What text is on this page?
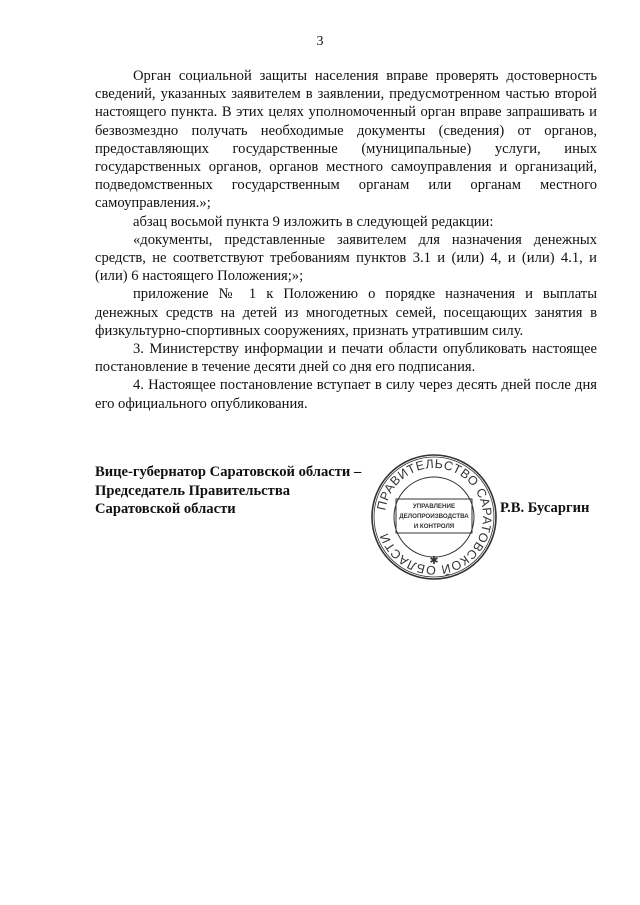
3

Орган социальной защиты населения вправе проверять достоверность сведений, указанных заявителем в заявлении, предусмотренном частью второй настоящего пункта. В этих целях уполномоченный орган вправе запрашивать и безвозмездно получать необходимые документы (сведения) от органов, предоставляющих государственные (муниципальные) услуги, иных государственных органов, органов местного самоуправления и организаций, подведомственных государственным органам или органам местного самоуправления.»;

абзац восьмой пункта 9 изложить в следующей редакции:

«документы, представленные заявителем для назначения денежных средств, не соответствуют требованиям пунктов 3.1 и (или) 4, и (или) 4.1, и (или) 6 настоящего Положения;»;

приложение № 1 к Положению о порядке назначения и выплаты денежных средств на детей из многодетных семей, посещающих занятия в физкультурно-спортивных сооружениях, признать утратившим силу.

3. Министерству информации и печати области опубликовать настоящее постановление в течение десяти дней со дня его подписания.

4. Настоящее постановление вступает в силу через десять дней после дня его официального опубликования.

Вице-губернатор Саратовской области –
Председатель Правительства
Саратовской области	ПРАВИТЕЛЬСТВО САРАТОВСКОЙ ОБЛАСТИ
УПРАВЛЕНИЕ
ДЕЛОПРОИЗВОДСТВА
И КОНТРОЛЯ
✱
Р.В. Бусаргин
